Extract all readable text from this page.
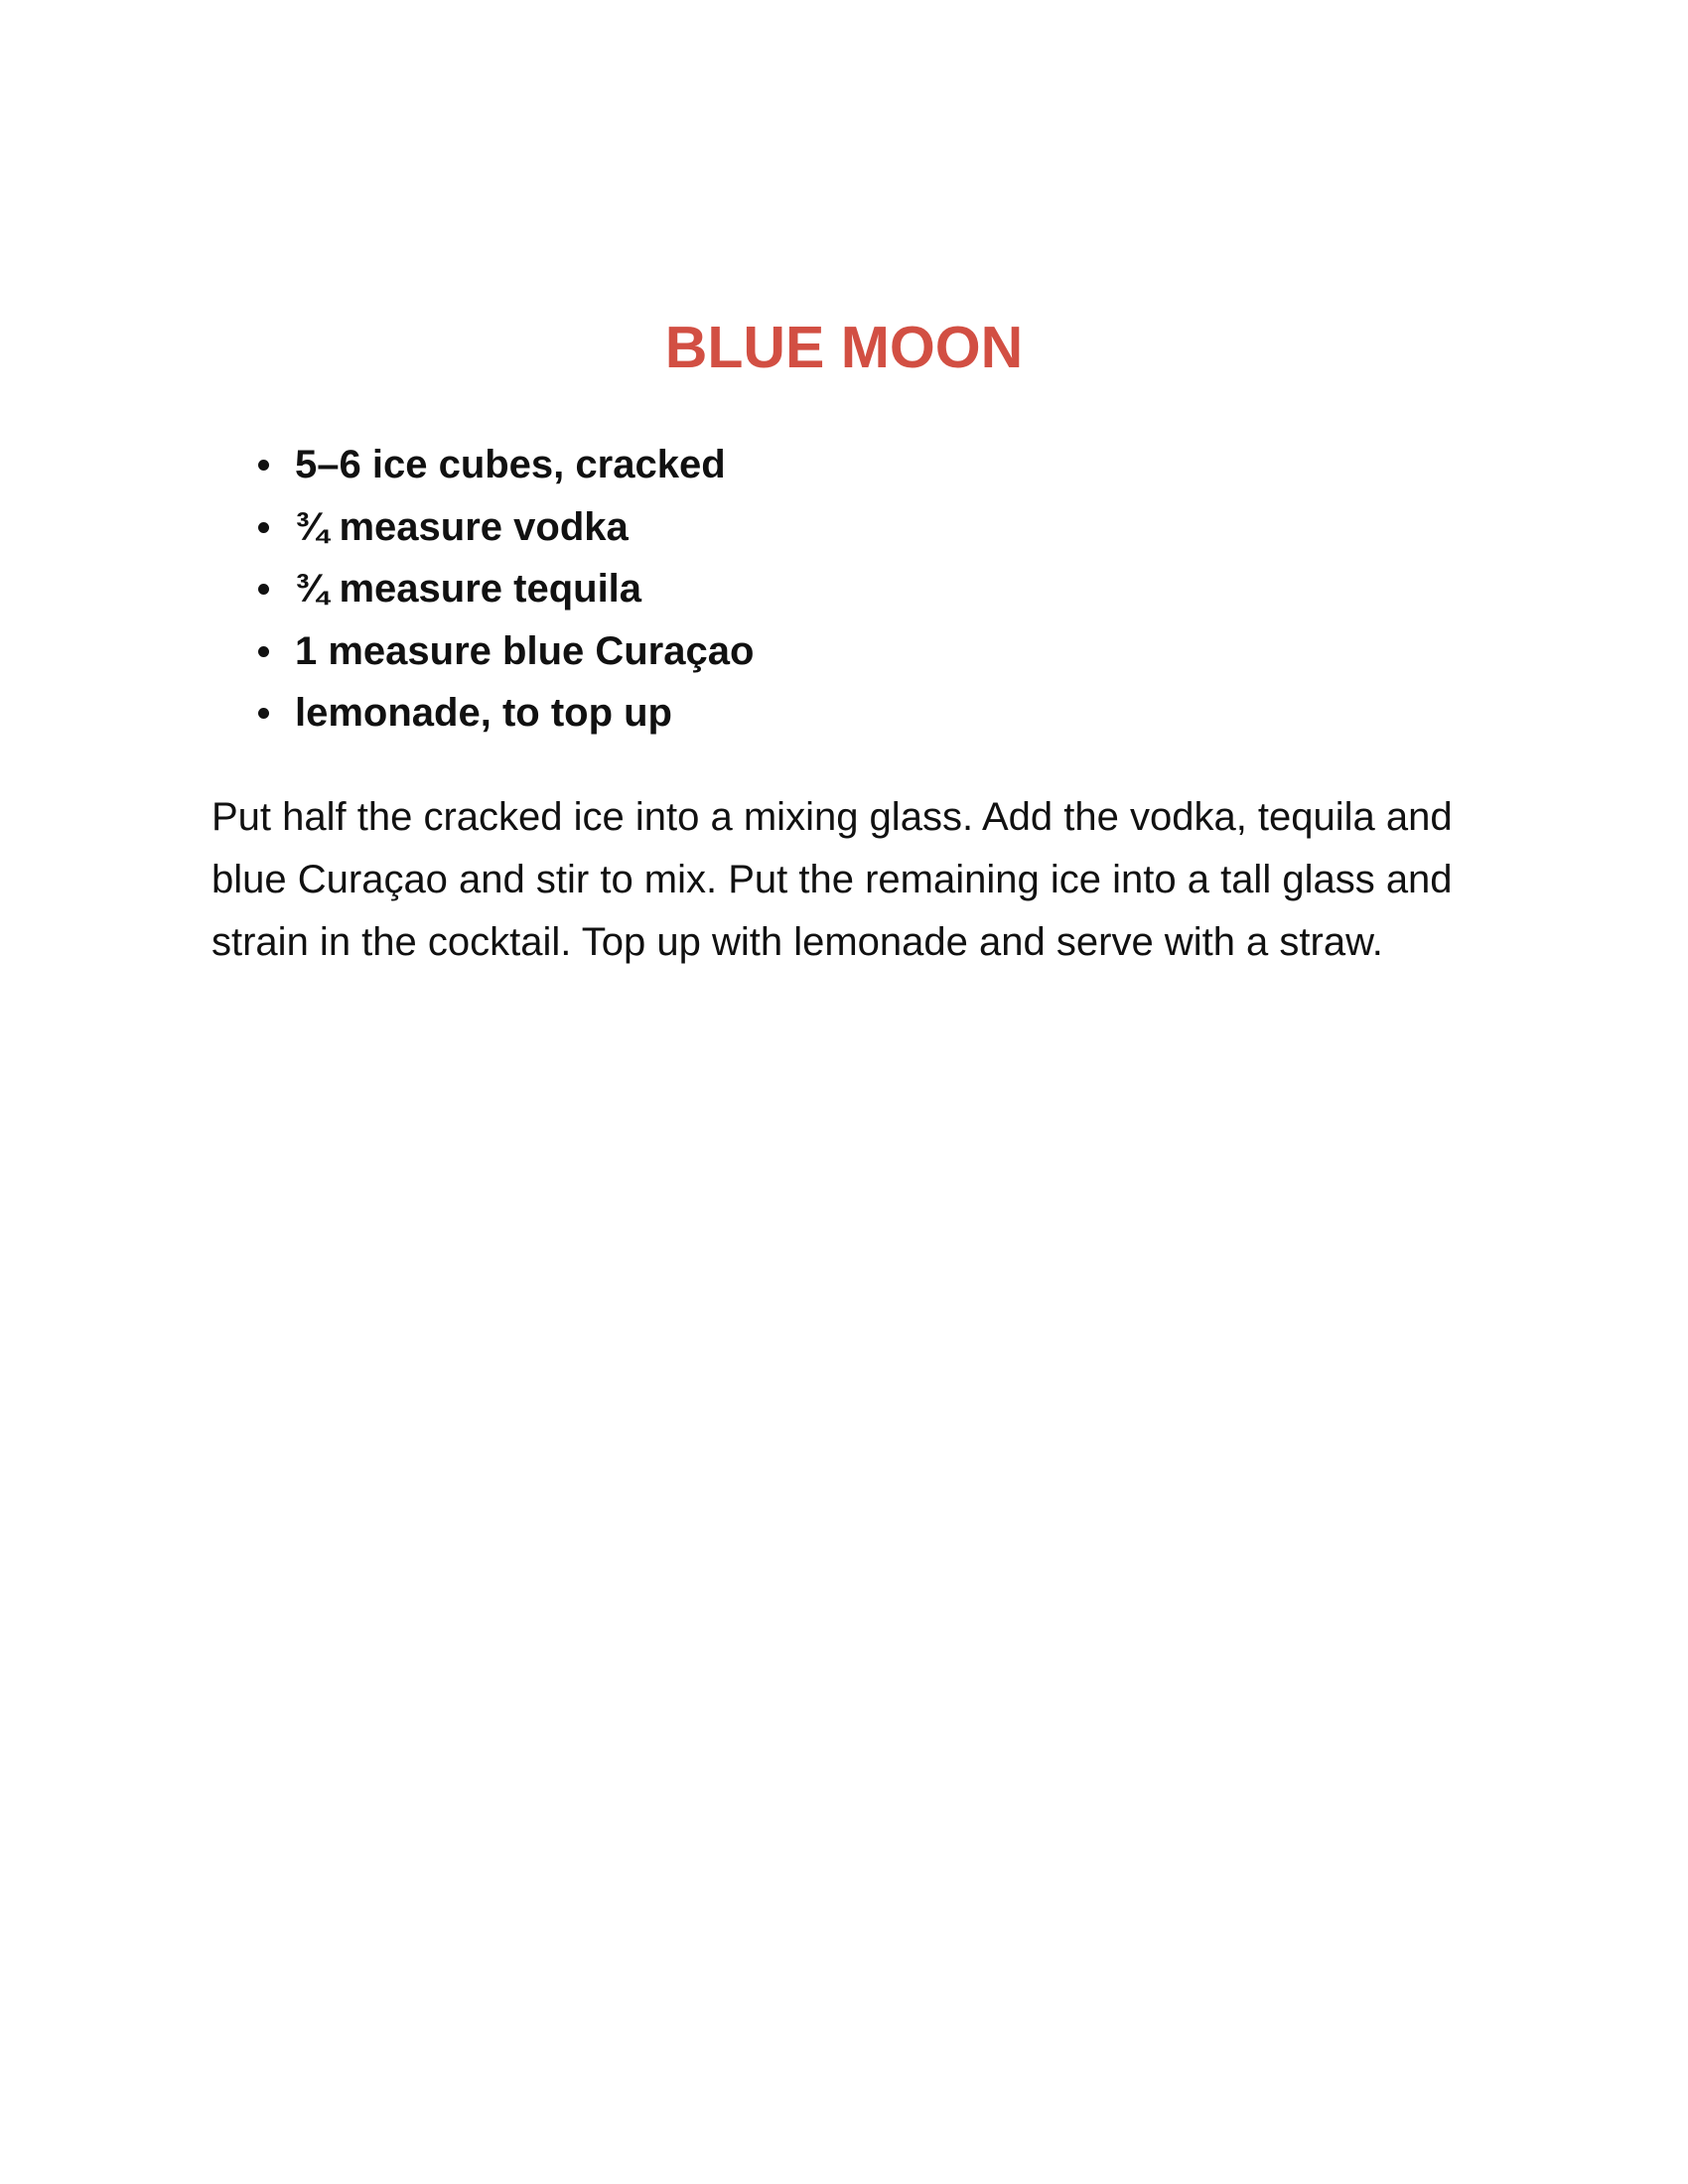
BLUE MOON
5–6 ice cubes, cracked
¾ measure vodka
¾ measure tequila
1 measure blue Curaçao
lemonade, to top up

Put half the cracked ice into a mixing glass. Add the vodka, tequila and blue Curaçao and stir to mix. Put the remaining ice into a tall glass and strain in the cocktail. Top up with lemonade and serve with a straw.
